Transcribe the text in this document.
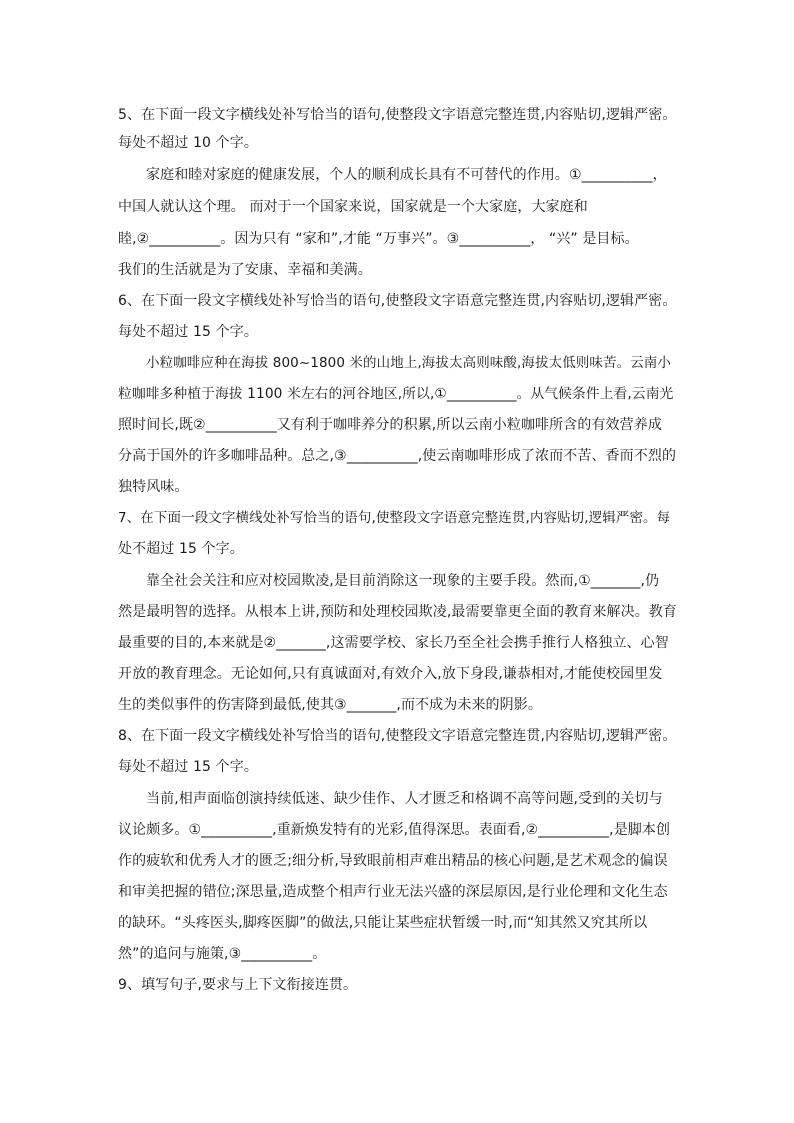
5、在下面一段文字横线处补写恰当的语句,使整段文字语意完整连贯,内容贴切,逻辑严密。
每处不超过 10 个字。
家庭和睦对家庭的健康发展，个人的顺利成长具有不可替代的作用。①__________，
中国人就认这个理。 而对于一个国家来说，国家就是一个大家庭，大家庭和
睦,②__________。因为只有 “家和”,才能 “万事兴”。③__________， “兴” 是目标。
我们的生活就是为了安康、幸福和美满。
6、在下面一段文字横线处补写恰当的语句,使整段文字语意完整连贯,内容贴切,逻辑严密。
每处不超过 15 个字。
小粒咖啡应种在海拔 800~1800 米的山地上,海拔太高则味酸,海拔太低则味苦。云南小
粒咖啡多种植于海拔 1100 米左右的河谷地区,所以,①__________。从气候条件上看,云南光
照时间长,既②__________又有利于咖啡养分的积累,所以云南小粒咖啡所含的有效营养成
分高于国外的许多咖啡品种。总之,③__________,使云南咖啡形成了浓而不苦、香而不烈的
独特风味。
7、在下面一段文字横线处补写恰当的语句,使整段文字语意完整连贯,内容贴切,逻辑严密。每
处不超过 15 个字。
靠全社会关注和应对校园欺凌,是目前消除这一现象的主要手段。然而,①_______,仍
然是最明智的选择。从根本上讲,预防和处理校园欺凌,最需要靠更全面的教育来解决。教育
最重要的目的,本来就是②_______,这需要学校、家长乃至全社会携手推行人格独立、心智
开放的教育理念。无论如何,只有真诚面对,有效介入,放下身段,谦恭相对,才能使校园里发
生的类似事件的伤害降到最低,使其③_______,而不成为未来的阴影。
8、在下面一段文字横线处补写恰当的语句,使整段文字语意完整连贯,内容贴切,逻辑严密。
每处不超过 15 个字。
当前,相声面临创演持续低迷、缺少佳作、人才匮乏和格调不高等问题,受到的关切与
议论颇多。①__________,重新焕发特有的光彩,值得深思。表面看,②__________,是脚本创
作的疲软和优秀人才的匮乏;细分析,导致眼前相声难出精品的核心问题,是艺术观念的偏误
和审美把握的错位;深思量,造成整个相声行业无法兴盛的深层原因,是行业伦理和文化生态
的缺环。“头疼医头,脚疼医脚”的做法,只能让某些症状暂缓一时,而“知其然又究其所以
然”的追问与施策,③__________。
9、填写句子,要求与上下文衔接连贯。
